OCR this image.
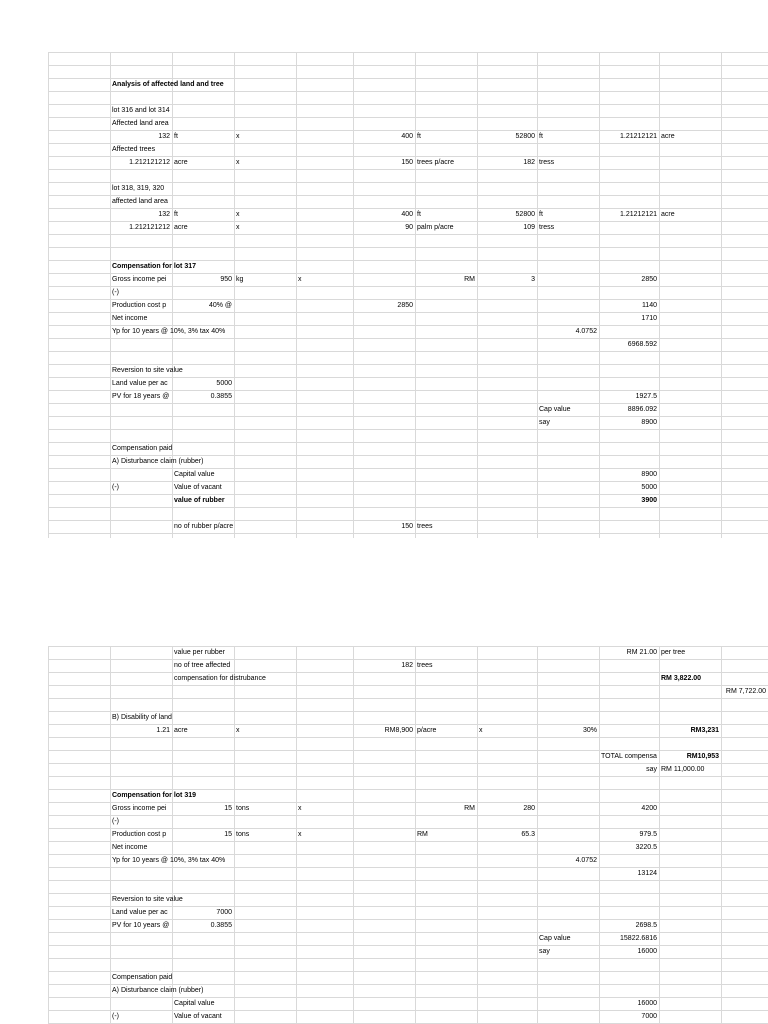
Analysis of affected land and tree
lot 316 and lot 314
Affected land area
132 ft	x	400 ft	52800 ft	1.21212121 acre
Affected trees
1.212121212 acre	x	150 trees p/acre	182 tress
lot 318, 319, 320
affected land area
132 ft	x	400 ft	52800 ft	1.21212121 acre
1.212121212 acre	x	90 palm p/acre	109 tress
Compensation for lot 317
Gross income pei	950 kg	x	RM	3	2850
(-)
Production cost p	40% @	2850	1140
Net income	1710
Yp for 10 years @ 10%, 3% tax 40%	4.0752
6968.592
Reversion to site value
Land value per ac	5000
PV for 18 years @	0.3855	1927.5
Cap value	8896.092
say	8900
Compensation paid
A) Disturbance claim (rubber)
Capital value	8900
(-)	Value of vacant	5000
value of rubber	3900
no of rubber p/acre	150 trees
value per rubber	RM 21.00 per tree
no of tree affected	182 trees
compensation for distrubance	RM 3,822.00
RM 7,722.00
B) Disability of land
1.21 acre	x	RM8,900 p/acre	x	30%	RM3,231
TOTAL compensa	RM10,953
say RM 11,000.00
Compensation for lot 319
Gross income pei	15 tons	x	RM	280	4200
(-)
Production cost p	15 tons	x	RM	65.3	979.5
Net income	3220.5
Yp for 10 years @ 10%, 3% tax 40%	4.0752
13124
Reversion to site value
Land value per ac	7000
PV for 10 years @	0.3855	2698.5
Cap value	15822.6816
say	16000
Compensation paid
A) Disturbance claim (rubber)
Capital value	16000
(-)	Value of vacant	7000
